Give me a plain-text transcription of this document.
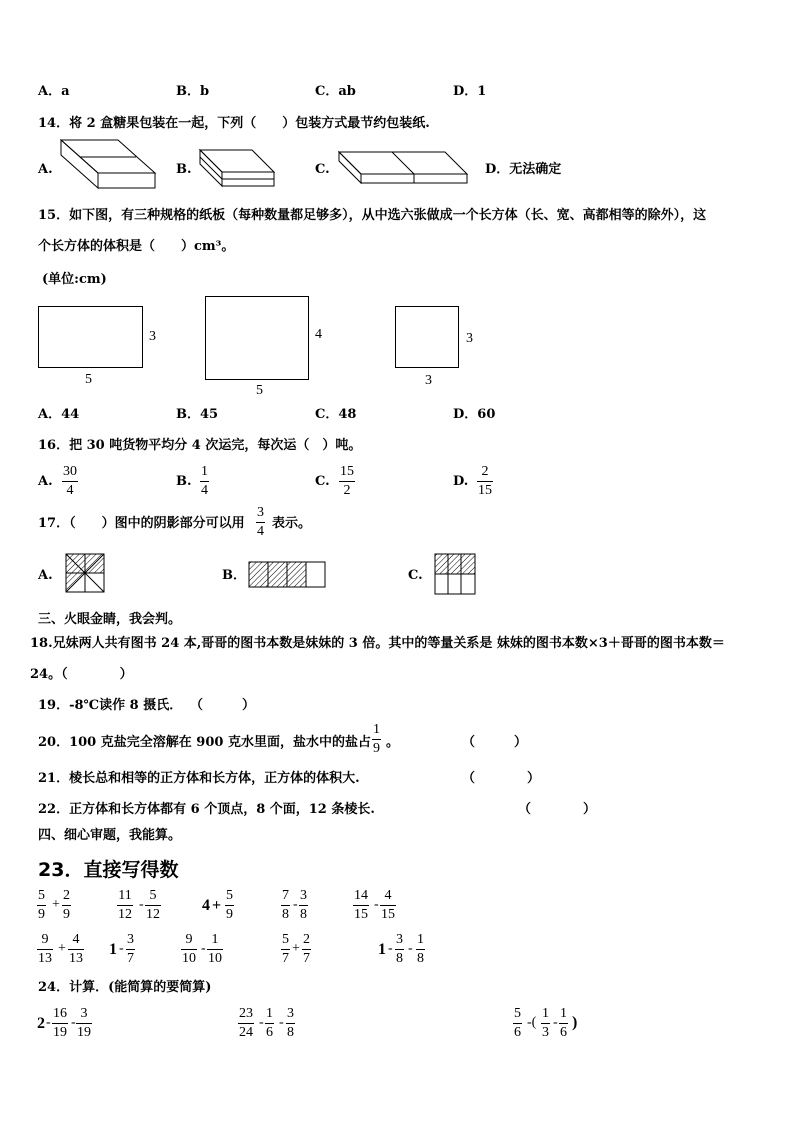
A．a	B．b	C．ab	D．1
14．将 2 盒糖果包装在一起，下列（　　）包装方式最节约包装纸.
A.	B.	C.	D．无法确定
15．如下图，有三种规格的纸板（每种数量都足够多），从中选六张做成一个长方体（长、宽、高都相等的除外），这
个长方体的体积是（　　）cm³。
(单位:cm)
3
5
4
5
3
3
A．44	B．45	C．48	D．60
16．把 30 吨货物平均分 4 次运完，每次运（　）吨。
A.
30
4
B.
1
4
C.
15
2
D.
2
15
17．（　　）图中的阴影部分可以用
3
4
表示。
A.	B．	C.
三、火眼金睛，我会判。
18.兄妹两人共有图书 24 本,哥哥的图书本数是妹妹的 3 倍。其中的等量关系是 妹妹的图书本数×3＋哥哥的图书本数＝
24。（　　　　）
19．-8℃读作 8 摄氏． （　　　）
20．100 克盐完全溶解在 900 克水里面，盐水中的盐占
1
9 。	（　　　）
21．棱长总和相等的正方体和长方体，正方体的体积大.	（　　　　）
22．正方体和长方体都有 6 个顶点，8 个面，12 条棱长.	（　　　　）
四、细心审题，我能算。
23．直接写得数
5
9
+
2
9
11
12
-
5
12
4 +
5
9
7
8
-
3
8
14
15
-
4
15
9
13
+
4
13
1 -
3
7
9
10
-
1
10
5
7
+
2
7
1 -
3
8
-
1
8
24．计算．(能简算的要简算)
2 -
16
19
-
3
19
23
24
-
1
6
-
3
8
5
6
-(
1
3
-
1
6
)
